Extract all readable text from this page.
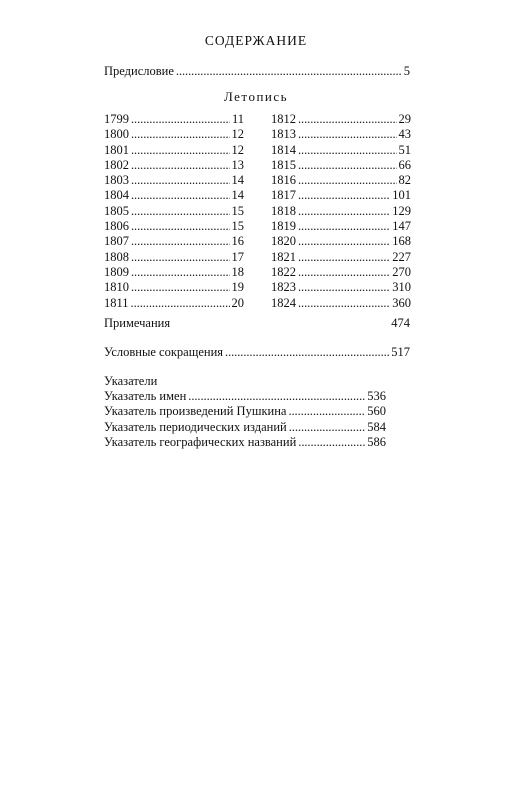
СОДЕРЖАНИЕ
Предисловие . . .	5
Летопись
1799 . . .	11
1800 . . .	12
1801 . . .	12
1802 . . .	13
1803 . . .	14
1804 . . .	14
1805 . . .	15
1806 . . .	15
1807 . . .	16
1808 . . .	17
1809 . . .	18
1810 . . .	19
1811 . . .	20
1812 . . .	29
1813 . . .	43
1814 . . .	51
1815 . . .	66
1816 . . .	82
1817 . . .	101
1818 . . .	129
1819 . . .	147
1820 . . .	168
1821 . . .	227
1822 . . .	270
1823 . . .	310
1824 . . .	360
Примечания	474
Условные сокращения . . .	517
Указатели
Указатель имен . . .	536
Указатель произведений Пушкина . . .	560
Указатель периодических изданий . . .	584
Указатель географических названий . . .	586
